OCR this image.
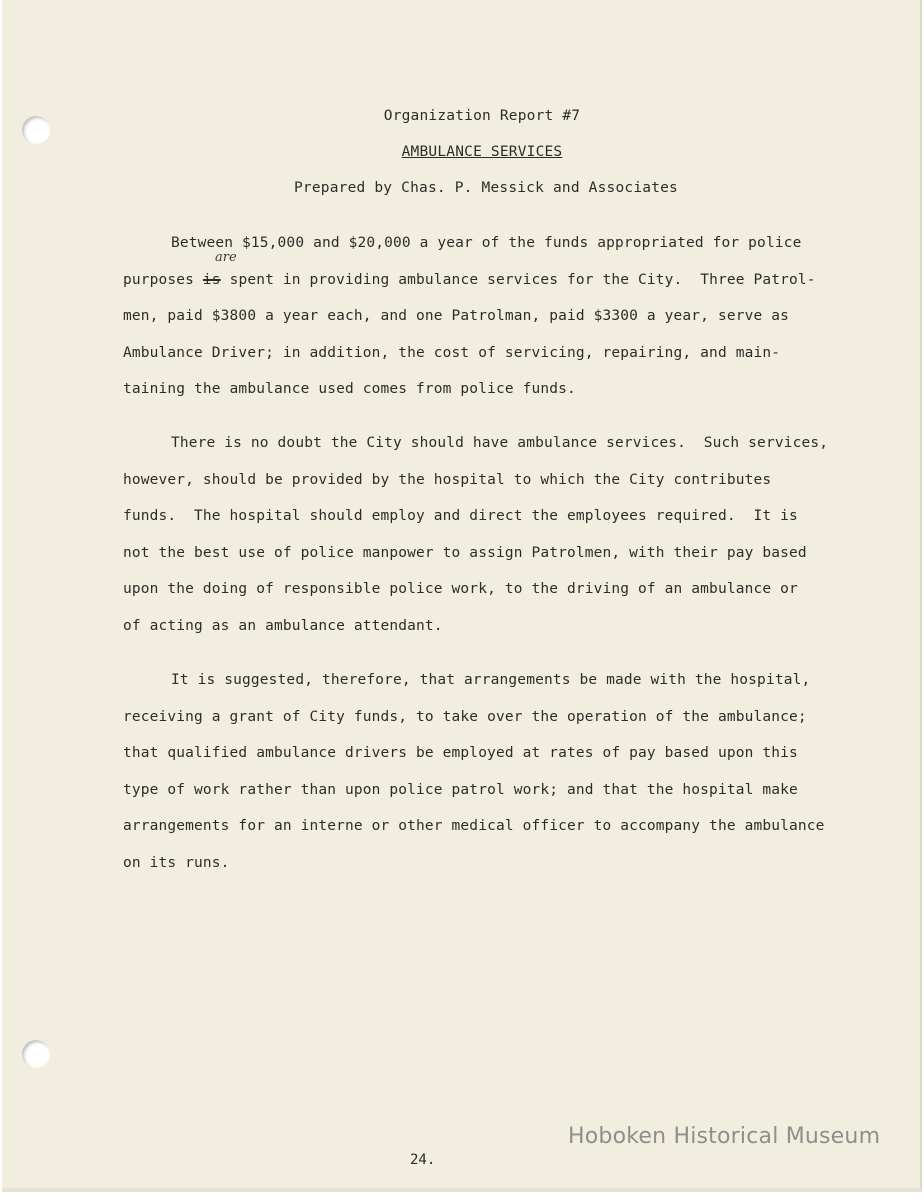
Organization Report #7
AMBULANCE SERVICES
Prepared by Chas. P. Messick and Associates
are
Between $15,000 and $20,000 a year of the funds appropriated for police
purposes is spent in providing ambulance services for the City.  Three Patrol-
men, paid $3800 a year each, and one Patrolman, paid $3300 a year, serve as
Ambulance Driver; in addition, the cost of servicing, repairing, and main-
taining the ambulance used comes from police funds.
There is no doubt the City should have ambulance services.  Such services,
however, should be provided by the hospital to which the City contributes
funds.  The hospital should employ and direct the employees required.  It is
not the best use of police manpower to assign Patrolmen, with their pay based
upon the doing of responsible police work, to the driving of an ambulance or
of acting as an ambulance attendant.
It is suggested, therefore, that arrangements be made with the hospital,
receiving a grant of City funds, to take over the operation of the ambulance;
that qualified ambulance drivers be employed at rates of pay based upon this
type of work rather than upon police patrol work; and that the hospital make
arrangements for an interne or other medical officer to accompany the ambulance
on its runs.
24.
Hoboken Historical Museum
